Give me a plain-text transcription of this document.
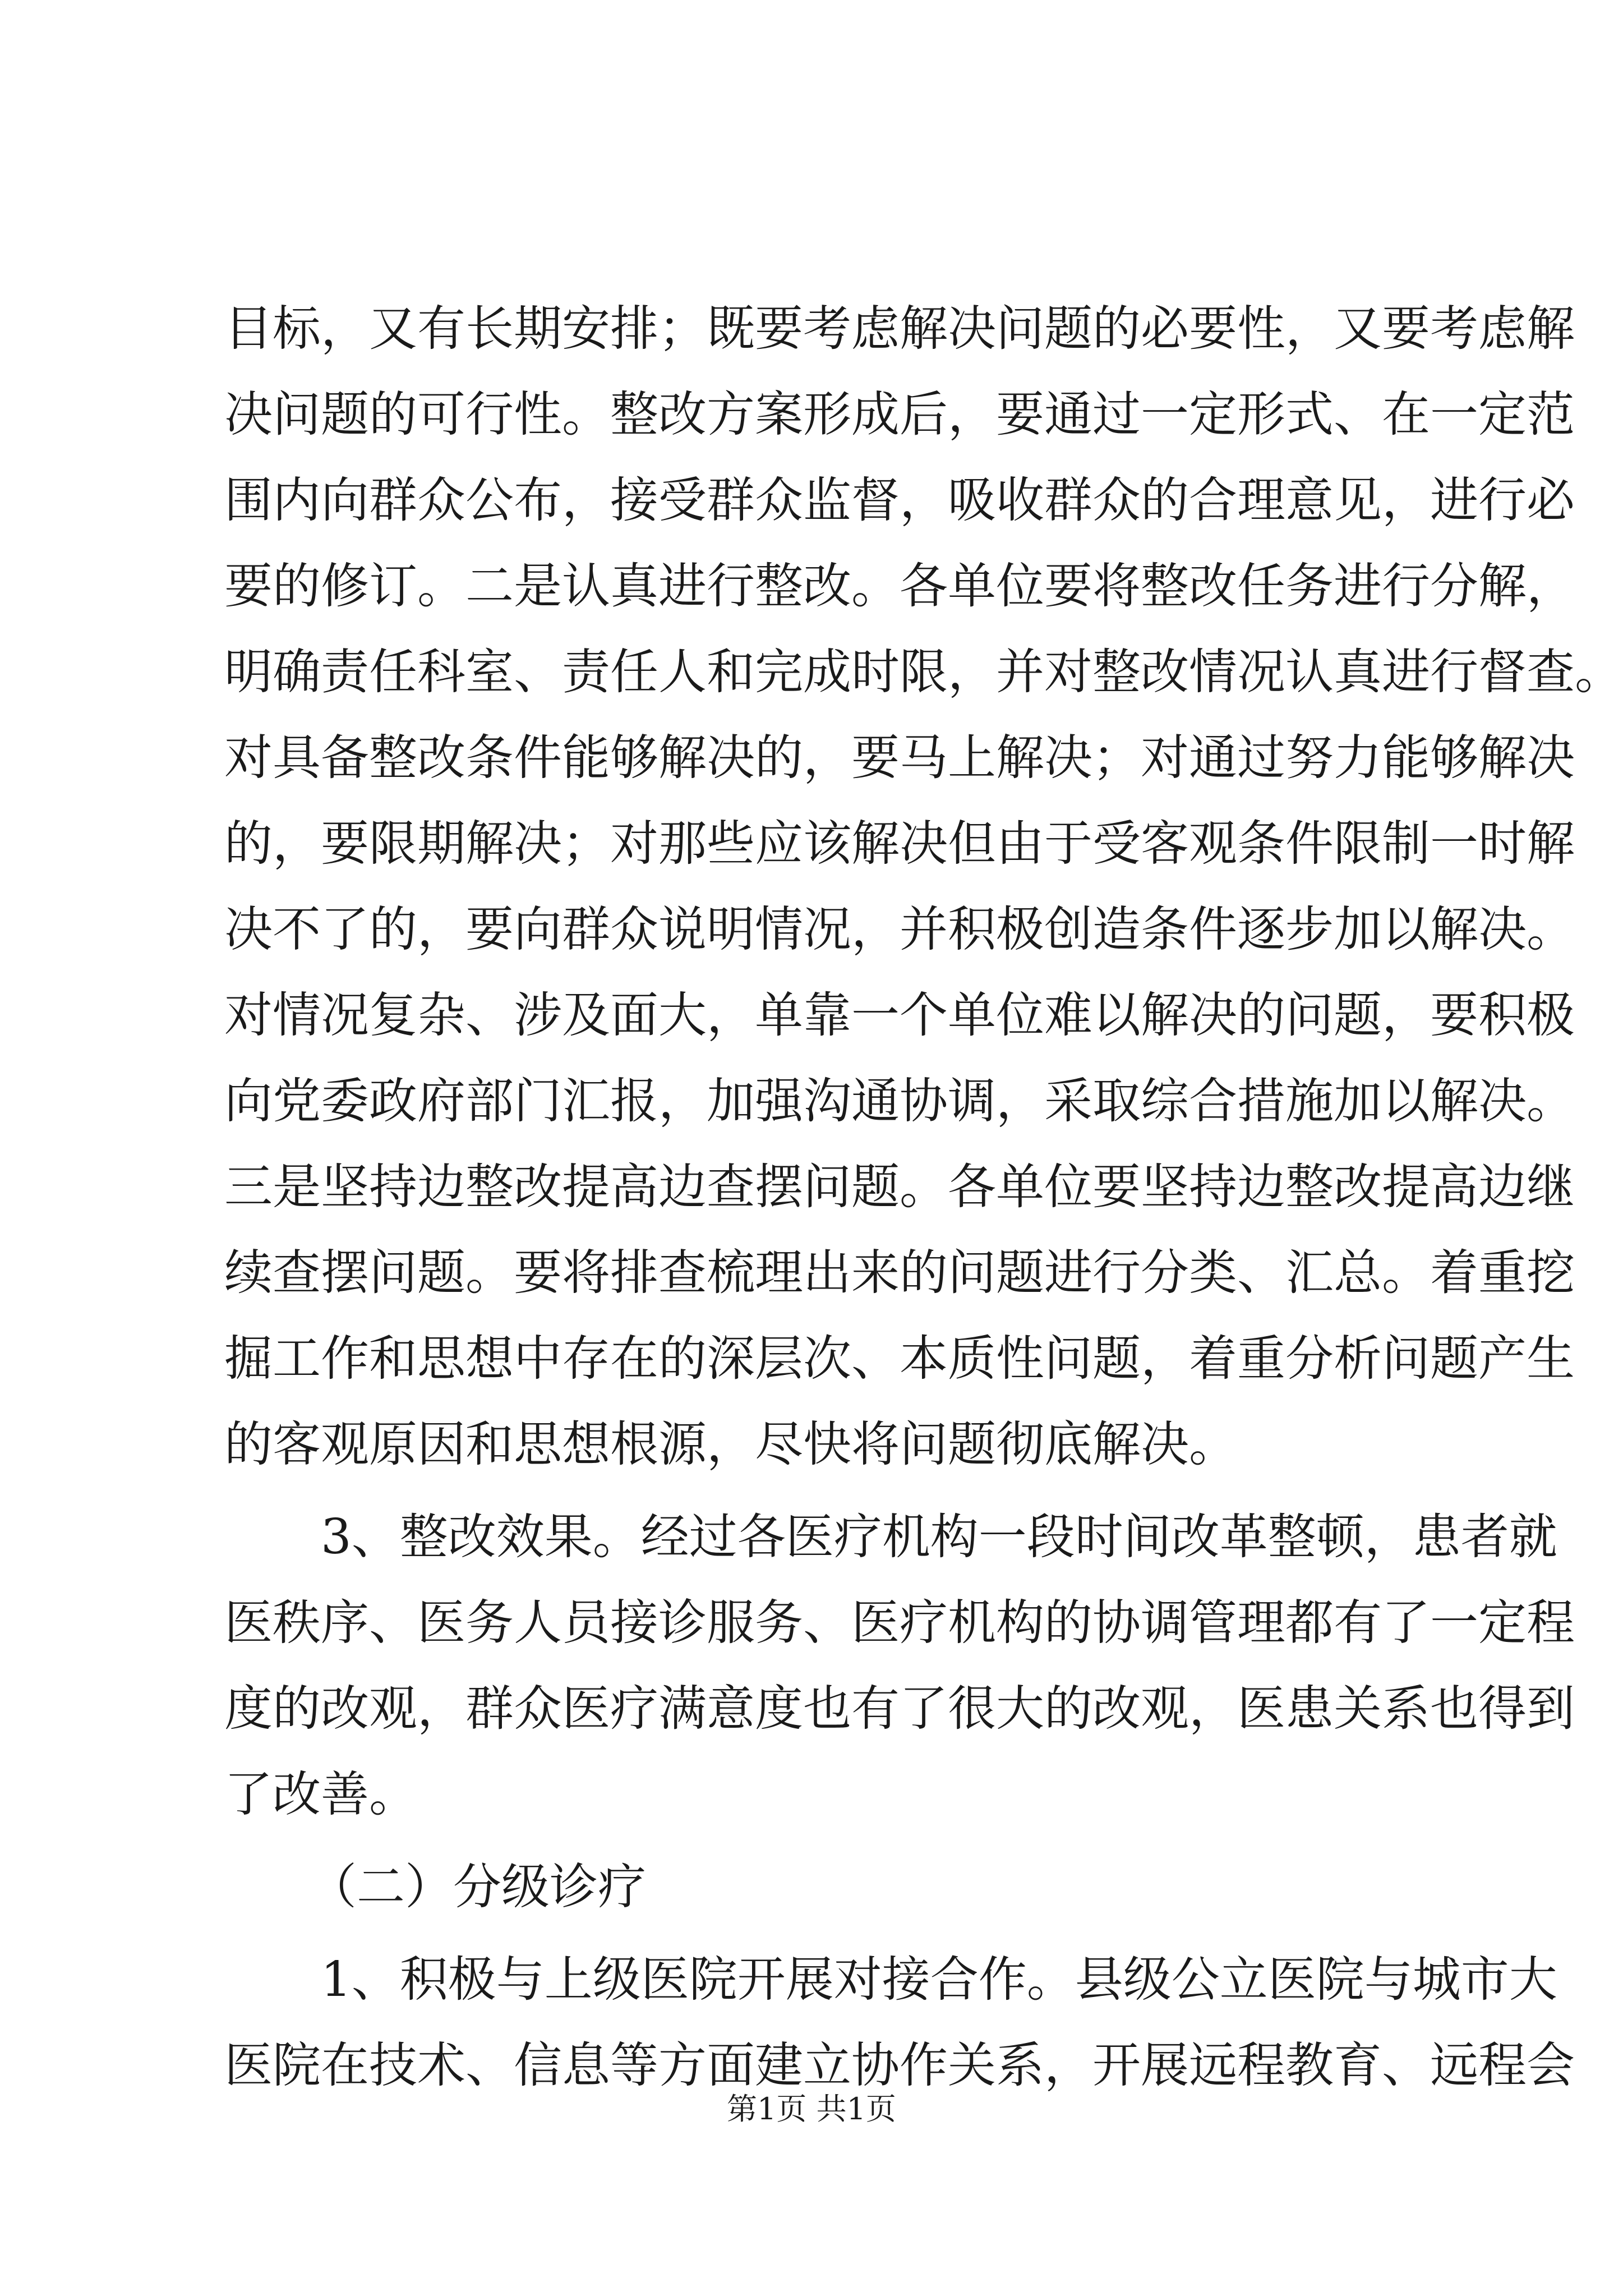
目标，又有长期安排；既要考虑解决问题的必要性，又要考虑解
决问题的可行性。整改方案形成后，要通过一定形式、在一定范
围内向群众公布，接受群众监督，吸收群众的合理意见，进行必
要的修订。二是认真进行整改。各单位要将整改任务进行分解，
明确责任科室、责任人和完成时限，并对整改情况认真进行督查。
对具备整改条件能够解决的，要马上解决；对通过努力能够解决
的，要限期解决；对那些应该解决但由于受客观条件限制一时解
决不了的，要向群众说明情况，并积极创造条件逐步加以解决。
对情况复杂、涉及面大，单靠一个单位难以解决的问题，要积极
向党委政府部门汇报，加强沟通协调，采取综合措施加以解决。
三是坚持边整改提高边查摆问题。各单位要坚持边整改提高边继
续查摆问题。要将排查梳理出来的问题进行分类、汇总。着重挖
掘工作和思想中存在的深层次、本质性问题，着重分析问题产生
的客观原因和思想根源，尽快将问题彻底解决。
3、整改效果。经过各医疗机构一段时间改革整顿，患者就
医秩序、医务人员接诊服务、医疗机构的协调管理都有了一定程
度的改观，群众医疗满意度也有了很大的改观，医患关系也得到
了改善。
（二）分级诊疗
1、积极与上级医院开展对接合作。县级公立医院与城市大
医院在技术、信息等方面建立协作关系，开展远程教育、远程会
第1页 共1页
